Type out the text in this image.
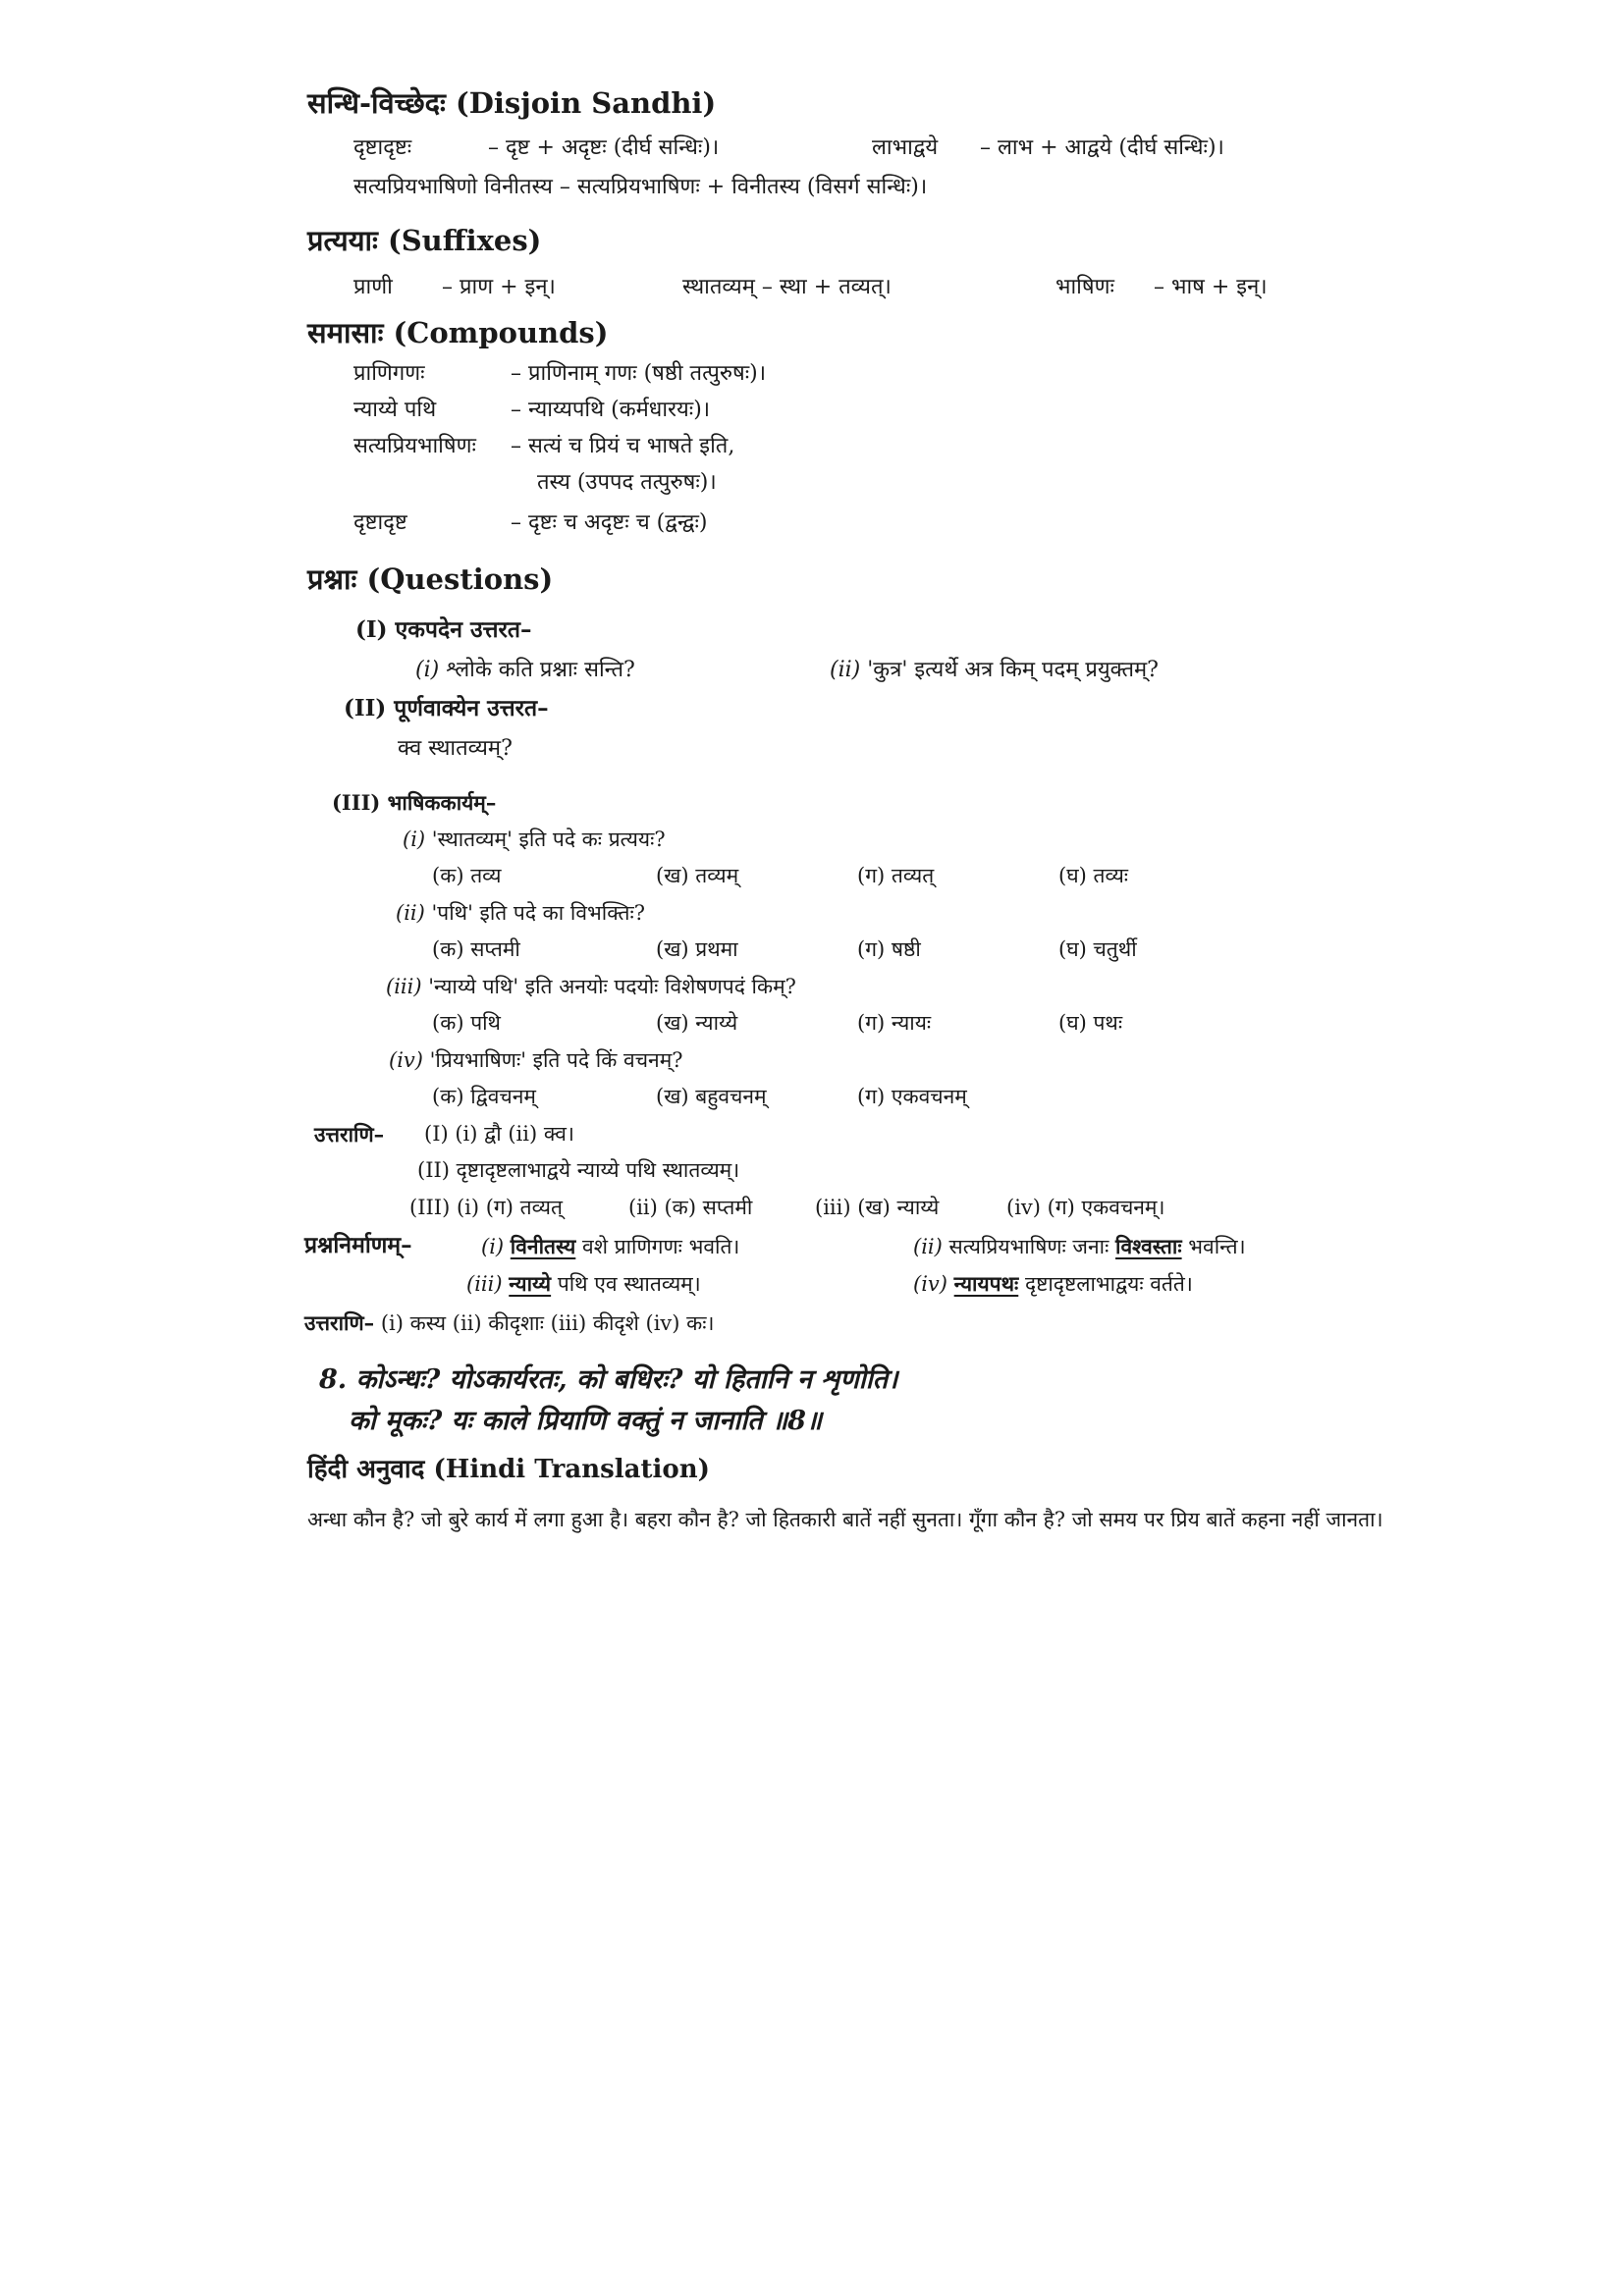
सन्धि-विच्छेदः (Disjoin Sandhi)
दृष्टादृष्टः	– दृष्ट + अदृष्टः (दीर्घ सन्धिः)।	लाभाद्वये – लाभ + आद्वये (दीर्घ सन्धिः)।
सत्यप्रियभाषिणो विनीतस्य – सत्यप्रियभाषिणः + विनीतस्य (विसर्ग सन्धिः)।
प्रत्ययाः (Suffixes)
प्राणी – प्राण + इन्।	स्थातव्यम् – स्था + तव्यत्।	भाषिणः – भाष + इन्।
समासाः (Compounds)
प्राणिगणः	– प्राणिनाम् गणः (षष्ठी तत्पुरुषः)।
न्याय्ये पथि	– न्याय्यपथि (कर्मधारयः)।
सत्यप्रियभाषिणः – सत्यं च प्रियं च भाषते इति,
तस्य (उपपद तत्पुरुषः)।
दृष्टादृष्ट	– दृष्टः च अदृष्टः च (द्वन्द्वः)
प्रश्नाः (Questions)
(I) एकपदेन उत्तरत–
(i) श्लोके कति प्रश्नाः सन्ति?	(ii) 'कुत्र' इत्यर्थे अत्र किम् पदम् प्रयुक्तम्?
(II) पूर्णवाक्येन उत्तरत–
क्व स्थातव्यम्?
(III) भाषिककार्यम्–
(i) 'स्थातव्यम्' इति पदे कः प्रत्ययः?
(क) तव्य	(ख) तव्यम्	(ग) तव्यत्	(घ) तव्यः
(ii) 'पथि' इति पदे का विभक्तिः?
(क) सप्तमी	(ख) प्रथमा	(ग) षष्ठी	(घ) चतुर्थी
(iii) 'न्याय्ये पथि' इति अनयोः पदयोः विशेषणपदं किम्?
(क) पथि	(ख) न्याय्ये	(ग) न्यायः	(घ) पथः
(iv) 'प्रियभाषिणः' इति पदे किं वचनम्?
(क) द्विवचनम्	(ख) बहुवचनम्	(ग) एकवचनम्
उत्तराणि– (I) (i) द्वौ (ii) क्व।
(II) दृष्टादृष्टलाभाद्वये न्याय्ये पथि स्थातव्यम्।
(III) (i) (ग) तव्यत्	(ii) (क) सप्तमी	(iii) (ख) न्याय्ये	(iv) (ग) एकवचनम्।
प्रश्ननिर्माणम्–	(i) विनीतस्य वशे प्राणिगणः भवति।	(ii) सत्यप्रियभाषिणः जनाः विश्वस्ताः भवन्ति।
(iii) न्याय्ये पथि एव स्थातव्यम्।	(iv) न्यायपथः दृष्टादृष्टलाभाद्वयः वर्तते।
उत्तराणि– (i) कस्य (ii) कीदृशाः (iii) कीदृशे (iv) कः।
8. कोऽन्धः? योऽकार्यरतः, को बधिरः? यो हितानि न शृणोति।
को मूकः? यः काले प्रियाणि वक्तुं न जानाति ॥8॥
हिंदी अनुवाद (Hindi Translation)
अन्धा कौन है? जो बुरे कार्य में लगा हुआ है। बहरा कौन है? जो हितकारी बातें नहीं सुनता। गूँगा कौन है? जो समय पर प्रिय बातें कहना नहीं जानता।
